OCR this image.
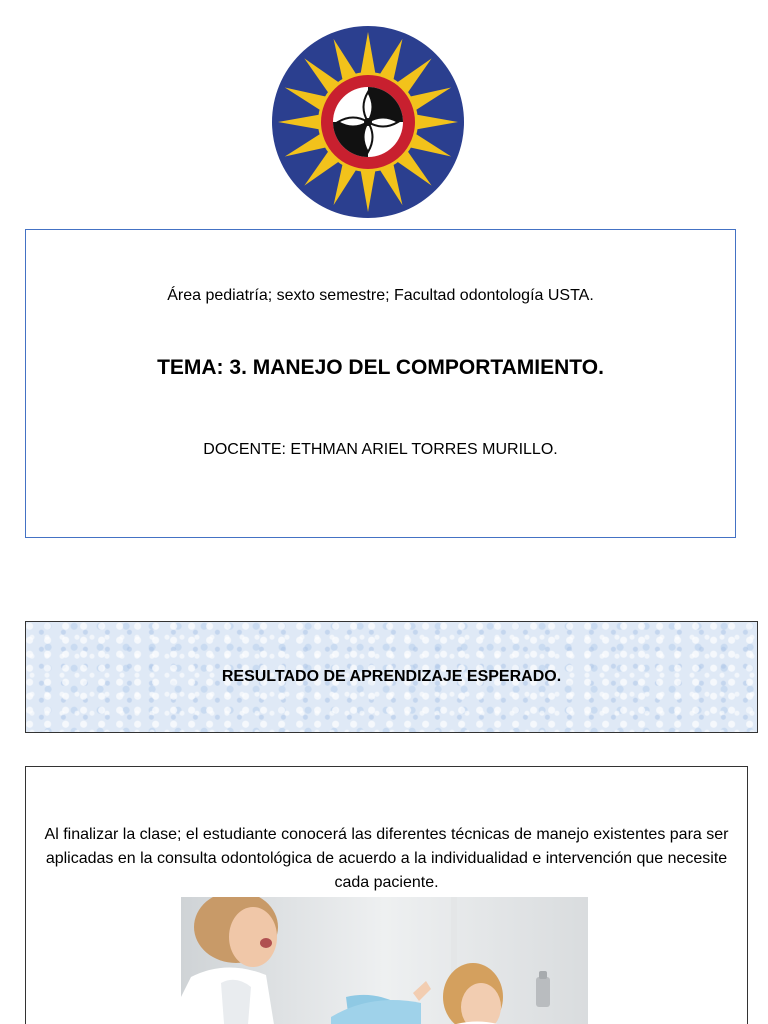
Área pediatría; sexto semestre; Facultad odontología USTA.
TEMA: 3. MANEJO DEL COMPORTAMIENTO.
DOCENTE: ETHMAN ARIEL TORRES MURILLO.
RESULTADO DE APRENDIZAJE ESPERADO.
Al finalizar la clase; el estudiante conocerá las diferentes técnicas de manejo existentes para ser aplicadas en la consulta odontológica de acuerdo a la individualidad e intervención que necesite cada paciente.
